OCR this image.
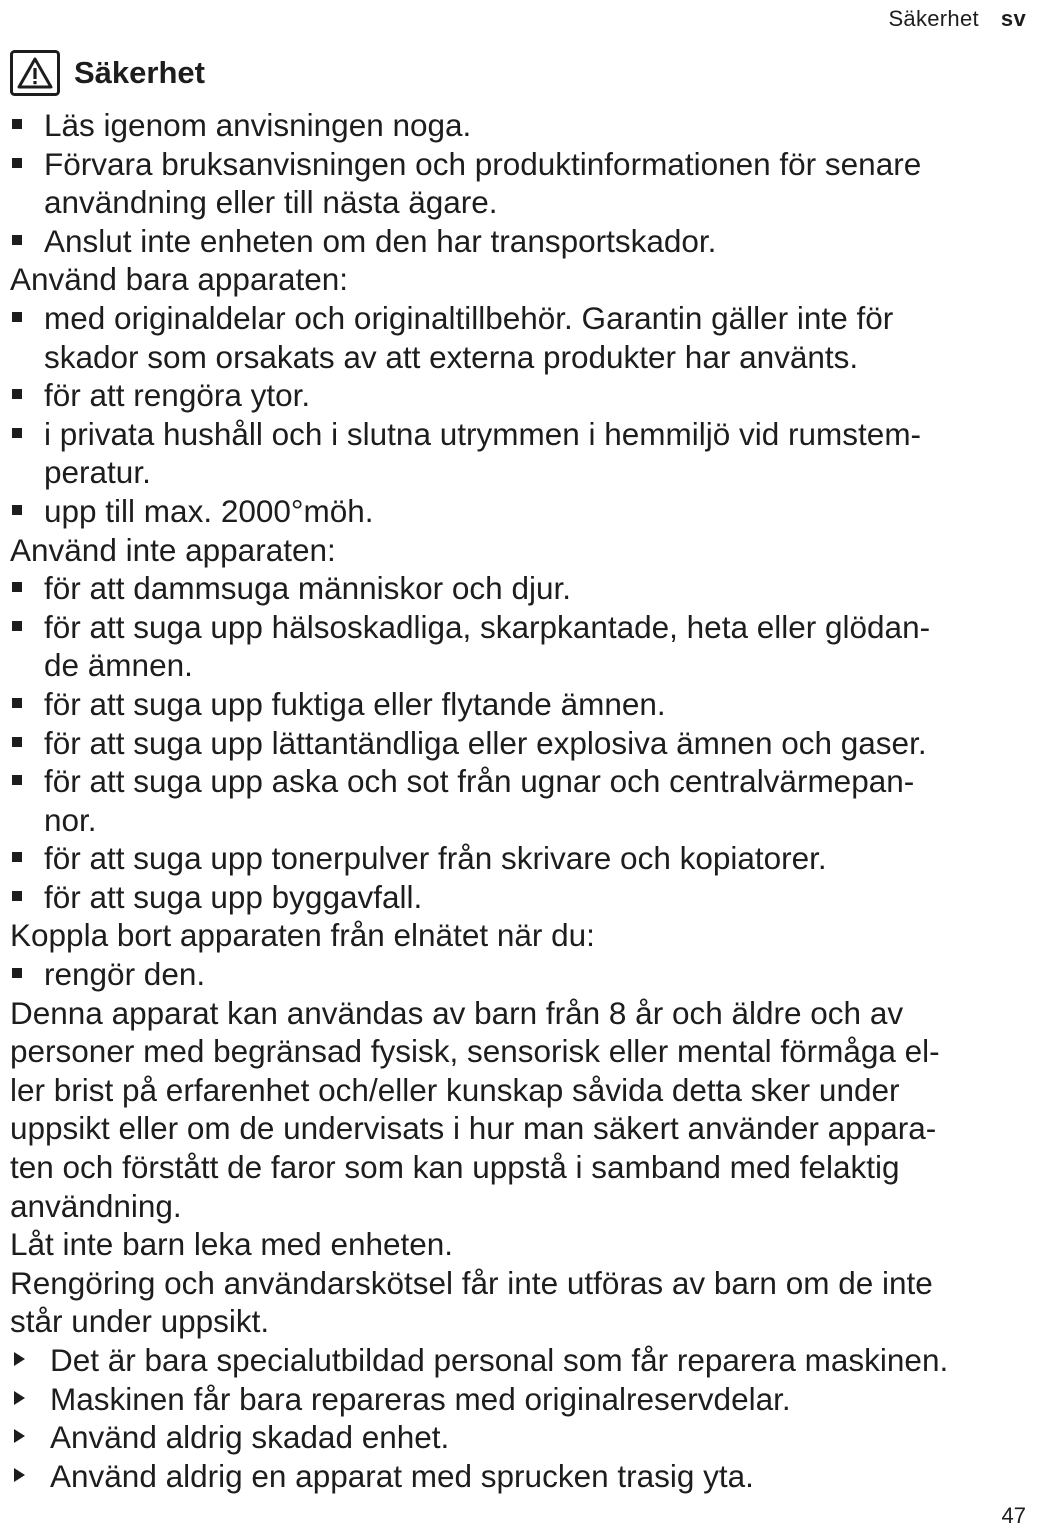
Säkerhet sv
Säkerhet
Läs igenom anvisningen noga.
Förvara bruksanvisningen och produktinformationen för senare
användning eller till nästa ägare.
Anslut inte enheten om den har transportskador.

Använd bara apparaten:

med originaldelar och originaltillbehör. Garantin gäller inte för
skador som orsakats av att externa produkter har använts.
för att rengöra ytor.
i privata hushåll och i slutna utrymmen i hemmiljö vid rumstem-
peratur.
upp till max. 2000°möh.

Använd inte apparaten:

för att dammsuga människor och djur.
för att suga upp hälsoskadliga, skarpkantade, heta eller glödan-
de ämnen.
för att suga upp fuktiga eller flytande ämnen.
för att suga upp lättantändliga eller explosiva ämnen och gaser.
för att suga upp aska och sot från ugnar och centralvärmepan-
nor.
för att suga upp tonerpulver från skrivare och kopiatorer.
för att suga upp byggavfall.

Koppla bort apparaten från elnätet när du:

rengör den.

Denna apparat kan användas av barn från 8 år och äldre och av
personer med begränsad fysisk, sensorisk eller mental förmåga el-
ler brist på erfarenhet och/eller kunskap såvida detta sker under
uppsikt eller om de undervisats i hur man säkert använder appara-
ten och förstått de faror som kan uppstå i samband med felaktig
användning.

Låt inte barn leka med enheten.

Rengöring och användarskötsel får inte utföras av barn om de inte
står under uppsikt.

Det är bara specialutbildad personal som får reparera maskinen.
Maskinen får bara repareras med originalreservdelar.
Använd aldrig skadad enhet.
Använd aldrig en apparat med sprucken trasig yta.
47
